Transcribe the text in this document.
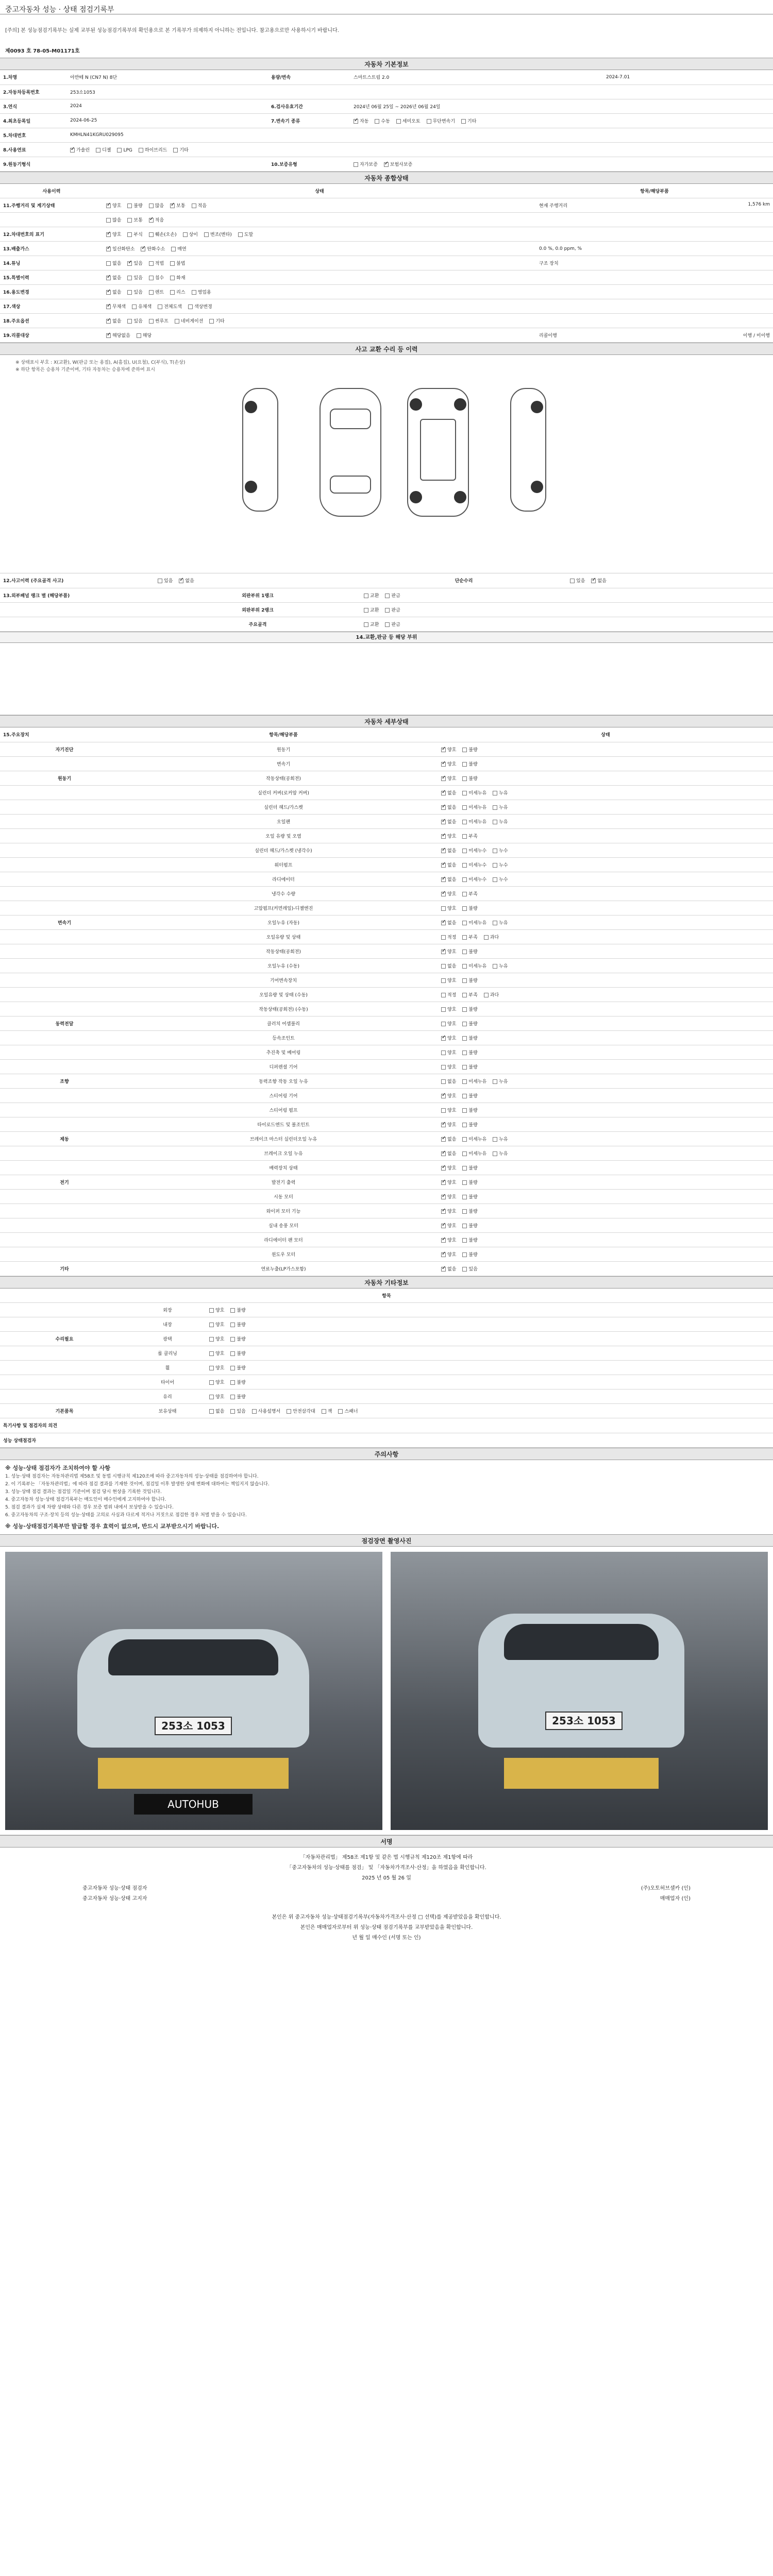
중고자동차 성능 · 상태 점검기록부
[주의] 본 성능점검기록부는 실제 교부된 성능점검기록부의 확인용으로 본 기록부가 의제하지 아니하는 전입니다. 참고용으로만 사용하시기 바랍니다.
제0093 호 78-05-M01171호
자동차 기본정보
1.차명	아반떼 N (CN7 N) 8단	용량/변속	스마트스트림 2.0		2024-7.01
2.자동차등록번호	253소1053				
3.연식	2024	6.검사유효기간	2024년 06월 25일 ~ 2026년 06월 24일		
4.최초등록일	2024-06-25	7.변속기 종류	✓자동 수동 세미오토 무단변속기 기타		
5.차대번호	KMHLN41KGRU029095				
8.사용연료	✓가솔린 디젤 LPG 하이브리드 기타				
9.원동기형식		10.보증유형	자가보증 ✓ 보험사보증		
자동차 종합상태
사용이력	상태	항목/해당부품
11.주행거리 및 계기상태	✓양호 불량 많음 ✓ 보통 적음	현재 주행거리 1,576 km

	많음 보통 ✓ 적음	

12.차대번호의 표기	✓양호 부식 훼손(오손) 상이 변조(변타) 도말	

13.배출가스	✓일산화탄소 ✓ 탄화수소 매연	0.0 %, 0.0 ppm, %

14.튜닝	없음 ✓ 있음 적법 불법	구조 장치

15.특별이력	✓없음 있음 침수 화재	

16.용도변경	✓없음 있음 렌트 리스 영업용	

17.색상	✓무채색 유채색 전체도색 색상변경	

18.주요옵션	✓없음 있음 썬루프 네비게이션 기타	

19.리콜대상	✓해당없음 해당	리콜이행 이행 / 미이행
사고 교환 수리 등 이력
※ 상태표시 부호 : X(교환), W(판금 또는 용접), A(흠집), U(요철), C(부식), T(손상)
※ 하단 항목은 승용차 기준이며, 기타 자동차는 승용차에 준하여 표시
12.사고이력 (주요골격 사고)	있음 ✓	없음	단순수리	있음 ✓	없음
13.외부패널 랭크 별 (해당부품)	외판부위 1랭크	교환 판금
	외판부위 2랭크	교환 판금
	주요골격	교환 판금
14.교환,판금 등 해당 부위
자동차 세부상태
15.주요장치	항목/해당부품	상태
자기진단	원동기	✓양호 불량
	변속기	✓양호 불량
원동기	작동상태(공회전)	✓양호 불량
	실린더 커버(로커암 커버)	✓없음 미세누유 누유
	실린더 헤드/가스켓	✓없음 미세누유 누유
	오일팬	✓없음 미세누유 누유
	오일 유량 및 오염	✓양호 부족
	실린더 헤드/가스켓 (냉각수)	✓없음 미세누수 누수
	워터펌프	✓없음 미세누수 누수
	라디에이터	✓없음 미세누수 누수
	냉각수 수량	✓양호 부족
	고압펌프(커먼레일)-디젤엔진	양호 불량
변속기	오일누유 (자동)	✓없음 미세누유 누유
	오일유량 및 상태	적정 부족 과다
	작동상태(공회전)	✓양호 불량
	오일누유 (수동)	없음 미세누유 누유
	기어변속장치	양호 불량
	오일유량 및 상태 (수동)	적정 부족 과다
	작동상태(공회전) (수동)	양호 불량
동력전달	클러치 어셈블리	양호 불량
	등속조인트	✓양호 불량
	추진축 및 베어링	양호 불량
	디퍼렌셜 기어	양호 불량
조향	동력조향 작동 오일 누유	없음 미세누유 누유
	스티어링 기어	✓양호 불량
	스티어링 펌프	양호 불량
	타이로드엔드 및 볼조인트	✓양호 불량
제동	브레이크 마스터 실린더오일 누유	✓없음 미세누유 누유
	브레이크 오일 누유	✓없음 미세누유 누유
	배력장치 상태	✓양호 불량
전기	발전기 출력	✓양호 불량
	시동 모터	✓양호 불량
	와이퍼 모터 기능	✓양호 불량
	실내 송풍 모터	✓양호 불량
	라디에이터 팬 모터	✓양호 불량
	윈도우 모터	✓양호 불량
기타	연료누출(LP가스포함)	✓없음 있음
자동차 기타정보
항목		
	외장	양호 불량
	내장	양호 불량
수리필요	광택	양호 불량
	룸 클리닝	양호 불량
	휠	양호 불량
	타이어	양호 불량
	유리	양호 불량
기본품목	보유상태	없음 있음 사용설명서 안전삼각대 잭 스패너
특기사항 및 점검자의 의견	
성능 상태점검자	
주의사항
※ 성능·상태 점검자가 조치하여야 할 사항
1. 성능·상태 점검자는 자동차관리법 제58조 및 동법 시행규칙 제120조에 따라 중고자동차의 성능·상태를 점검하여야 합니다.
2. 이 기록부는 「자동차관리법」에 따라 점검 결과를 기재한 것이며, 점검일 이후 발생한 상태 변화에 대하여는 책임지지 않습니다.
3. 성능·상태 점검 결과는 점검일 기준이며 점검 당시 현상을 기록한 것입니다.
4. 중고자동차 성능·상태 점검기록부는 매도인이 매수인에게 고지하여야 합니다.
5. 점검 결과가 실제 차량 상태와 다른 경우 보증 범위 내에서 보상받을 수 있습니다.
6. 중고자동차의 구조·장치 등의 성능·상태를 고의로 사실과 다르게 적거나 거짓으로 점검한 경우 처벌 받을 수 있습니다.
※ 성능·상태점검기록부만 발급할 경우 효력이 없으며, 반드시 교부받으시기 바랍니다.
점검장면 촬영사진
253소 1053
AUTOHUB
253소 1053
서명
「자동차관리법」 제58조 제1항 및 같은 법 시행규칙 제120조 제1항에 따라
「중고자동차의 성능·상태를 점검」 및 「자동차가격조사·산정」을 하였음을 확인합니다.
2025 년 05 월 26 일
중고자동차 성능·상태 점검자	(주)오토허브셀카 (인)
중고자동차 성능·상태 고지자	매매업자 (인)
본인은 위 중고자동차 성능·상태점검기록부(자동차가격조사·산정 □ 선택)를 제공받았음을 확인합니다.
본인은 매매업자로부터 위 성능·상태 점검기록부를 교부받았음을 확인합니다.
년 월 일 매수인 (서명 또는 인)
